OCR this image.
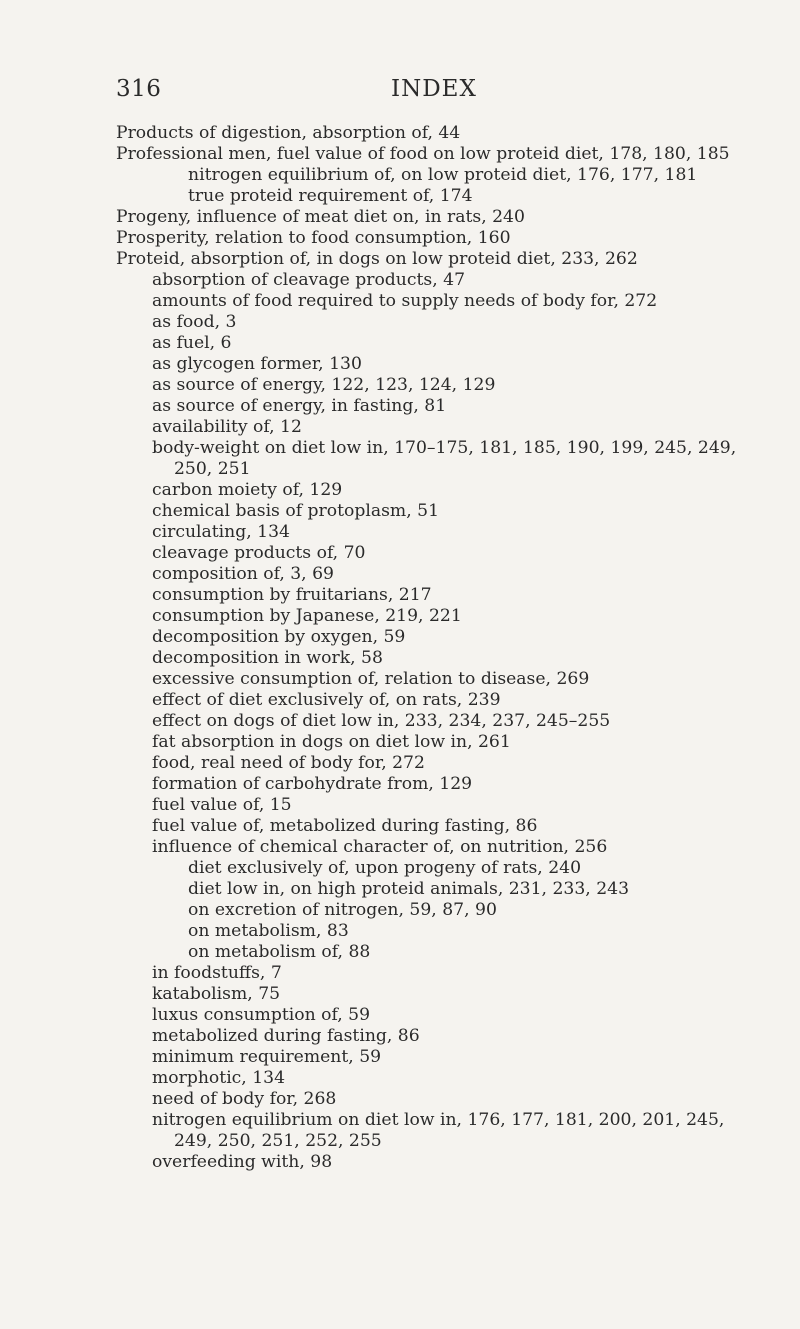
316	INDEX
Products of digestion, absorption of, 44
Professional men, fuel value of food on low proteid diet, 178, 180, 185
nitrogen equilibrium of, on low proteid diet, 176, 177, 181
true proteid requirement of, 174
Progeny, influence of meat diet on, in rats, 240
Prosperity, relation to food consumption, 160
Proteid, absorption of, in dogs on low proteid diet, 233, 262
absorption of cleavage products, 47
amounts of food required to supply needs of body for, 272
as food, 3
as fuel, 6
as glycogen former, 130
as source of energy, 122, 123, 124, 129
as source of energy, in fasting, 81
availability of, 12
body-weight on diet low in, 170–175, 181, 185, 190, 199, 245, 249,
250, 251
carbon moiety of, 129
chemical basis of protoplasm, 51
circulating, 134
cleavage products of, 70
composition of, 3, 69
consumption by fruitarians, 217
consumption by Japanese, 219, 221
decomposition by oxygen, 59
decomposition in work, 58
excessive consumption of, relation to disease, 269
effect of diet exclusively of, on rats, 239
effect on dogs of diet low in, 233, 234, 237, 245–255
fat absorption in dogs on diet low in, 261
food, real need of body for, 272
formation of carbohydrate from, 129
fuel value of, 15
fuel value of, metabolized during fasting, 86
influence of chemical character of, on nutrition, 256
diet exclusively of, upon progeny of rats, 240
diet low in, on high proteid animals, 231, 233, 243
on excretion of nitrogen, 59, 87, 90
on metabolism, 83
on metabolism of, 88
in foodstuffs, 7
katabolism, 75
luxus consumption of, 59
metabolized during fasting, 86
minimum requirement, 59
morphotic, 134
need of body for, 268
nitrogen equilibrium on diet low in, 176, 177, 181, 200, 201, 245,
249, 250, 251, 252, 255
overfeeding with, 98
